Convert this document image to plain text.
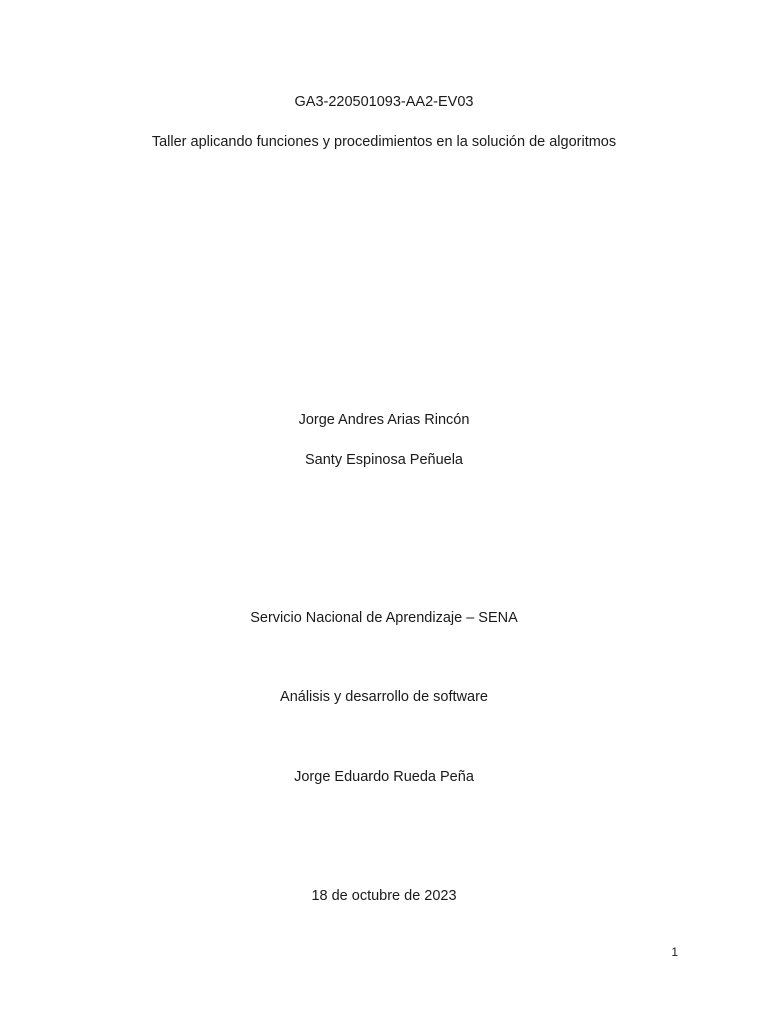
GA3-220501093-AA2-EV03
Taller aplicando funciones y procedimientos en la solución de algoritmos
Jorge Andres Arias Rincón
Santy Espinosa Peñuela
Servicio Nacional de Aprendizaje – SENA
Análisis y desarrollo de software
Jorge Eduardo Rueda Peña
18 de octubre de 2023
1
